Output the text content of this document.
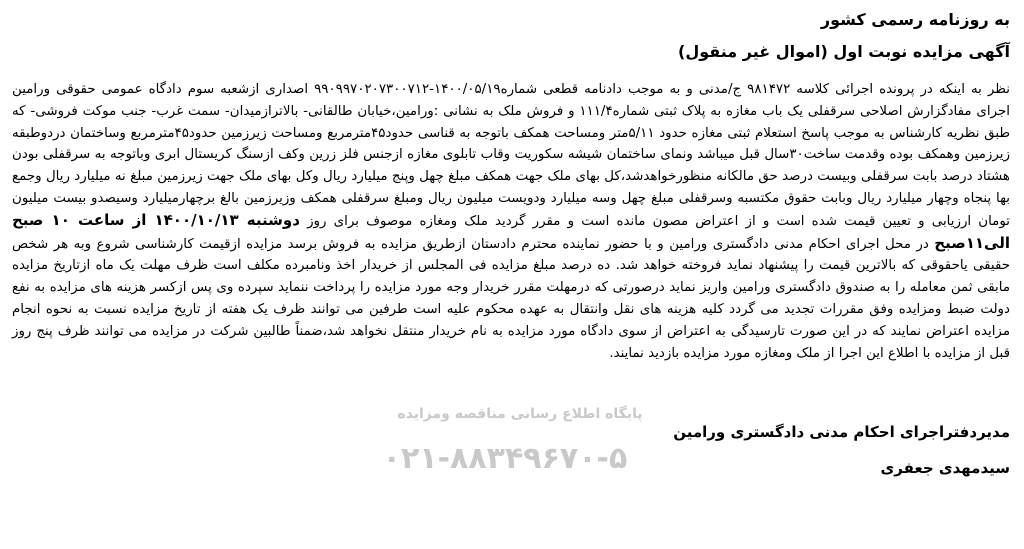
به روزنامه رسمی کشور
آگهی مزایده نوبت اول (اموال غیر منقول)
نظر به اینکه در پرونده اجرائی کلاسه ۹۸۱۴۷۲ ج/مدنی و به موجب دادنامه قطعی شماره۱۴۰۰/۰۵/۱۹-۹۹۰۹۹۷۰۲۰۷۳۰۰۷۱۲ اصداری ازشعبه سوم دادگاه عمومی حقوقی ورامین اجرای مفادگزارش اصلاحی سرقفلی یک باب مغازه به پلاک ثبتی شماره۱۱۱/۴ و فروش ملک به نشانی :ورامین،خیابان طالقانی- بالاترازمیدان- سمت غرب- جنب موکت فروشی- که طبق نظریه کارشناس به موجب پاسخ استعلام ثبتی مغازه حدود ۵/۱۱متر ومساحت همکف باتوجه به قناسی حدود۴۵مترمربع ومساحت زیرزمین حدود۴۵مترمربع وساختمان دردوطبقه زیرزمین وهمکف بوده وقدمت ساخت۳۰سال قبل میباشد ونمای ساختمان شیشه سکوریت وقاب تابلوی مغازه ازجنس فلز زرین وکف ازسنگ کریستال ابری وباتوجه به سرقفلی بودن هشتاد درصد بابت سرقفلی وبیست درصد حق مالکانه منظورخواهدشد،کل بهای ملک جهت همکف مبلغ چهل وپنج میلیارد ریال وکل بهای ملک جهت زیرزمین مبلغ نه میلیارد ریال وجمع بها پنجاه وچهار میلیارد ریال وبابت حقوق مکتسبه وسرقفلی مبلغ چهل وسه میلیارد ودویست میلیون ریال ومبلغ سرقفلی همکف وزیرزمین بالغ برچهارمیلیارد وسیصدو بیست میلیون تومان ارزیابی و تعیین قیمت شده است و از اعتراض مصون مانده است و مقرر گردید ملک ومغازه موصوف برای روز دوشنبه ۱۴۰۰/۱۰/۱۳ از ساعت ۱۰ صبح الی۱۱صبح در محل اجرای احکام مدنی دادگستری ورامین و با حضور نماینده محترم دادستان ازطریق مزایده به فروش برسد مزایده ازقیمت کارشناسی شروع وبه هر شخص حقیقی یاحقوقی که بالاترین قیمت را پیشنهاد نماید فروخته خواهد شد. ده درصد مبلغ مزایده فی المجلس از خریدار اخذ ونامبرده مکلف است ظرف مهلت یک ماه ازتاریخ مزایده مابقی ثمن معامله را به صندوق دادگستری ورامین واریز نماید درصورتی که درمهلت مقرر خریدار وجه مورد مزایده را پرداخت ننماید سپرده وی پس ازکسر هزینه های مزایده به نفع دولت ضبط ومزایده وفق مقررات تجدید می گردد کلیه هزینه های نقل وانتقال به عهده محکوم علیه است طرفین می توانند ظرف یک هفته از تاریخ مزایده نسبت به نحوه انجام مزایده اعتراض نمایند که در این صورت تارسیدگی به اعتراض از سوی دادگاه مورد مزایده به نام خریدار منتقل نخواهد شد،ضمناً طالبین شرکت در مزایده می توانند ظرف پنج روز قبل از مزایده با اطلاع این اجرا از ملک ومغازه مورد مزایده بازدید نمایند.
پایگاه اطلاع رسانی مناقصه ومزایده
۰۲۱-۸۸۳۴۹۶۷۰-۵
مدیردفتراجرای احکام مدنی دادگستری ورامین
سیدمهدی جعفری
